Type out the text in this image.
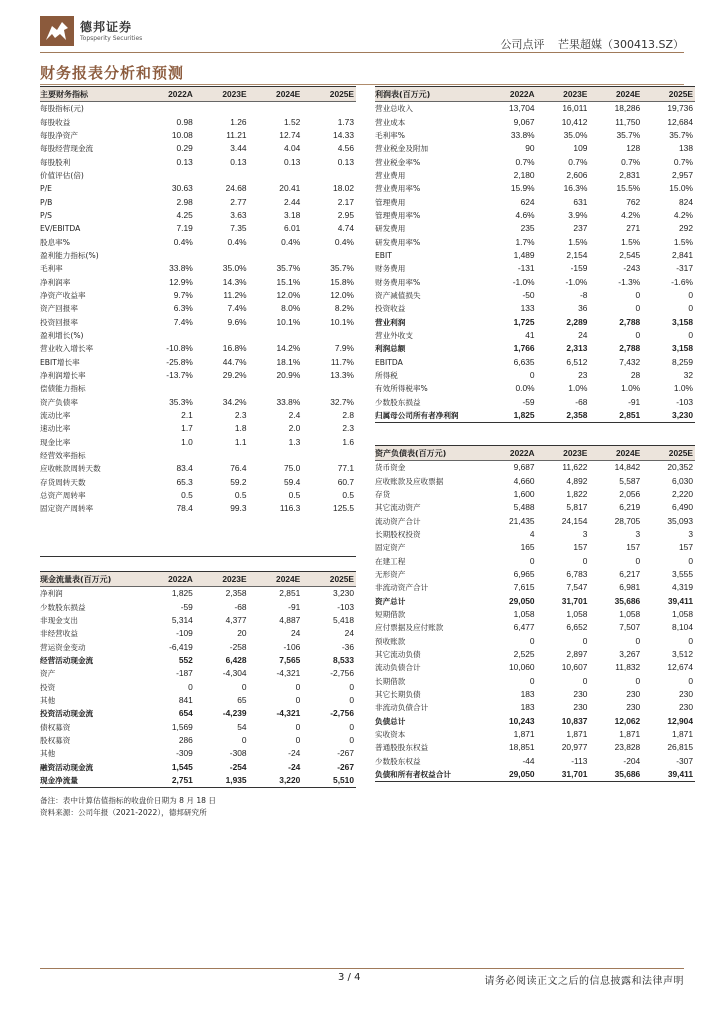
德邦证券
Topsperity Securities	公司点评 芒果超媒（300413.SZ）
财务报表分析和预测
主要财务指标	2022A	2023E	2024E	2025E
每股指标(元)				
每股收益	0.98	1.26	1.52	1.73
每股净资产	10.08	11.21	12.74	14.33
每股经营现金流	0.29	3.44	4.04	4.56
每股股利	0.13	0.13	0.13	0.13
价值评估(倍)				
P/E	30.63	24.68	20.41	18.02
P/B	2.98	2.77	2.44	2.17
P/S	4.25	3.63	3.18	2.95
EV/EBITDA	7.19	7.35	6.01	4.74
股息率%	0.4%	0.4%	0.4%	0.4%
盈利能力指标(%)				
毛利率	33.8%	35.0%	35.7%	35.7%
净利润率	12.9%	14.3%	15.1%	15.8%
净资产收益率	9.7%	11.2%	12.0%	12.0%
资产回报率	6.3%	7.4%	8.0%	8.2%
投资回报率	7.4%	9.6%	10.1%	10.1%
盈利增长(%)				
营业收入增长率	-10.8%	16.8%	14.2%	7.9%
EBIT增长率	-25.8%	44.7%	18.1%	11.7%
净利润增长率	-13.7%	29.2%	20.9%	13.3%
偿债能力指标				
资产负债率	35.3%	34.2%	33.8%	32.7%
流动比率	2.1	2.3	2.4	2.8
速动比率	1.7	1.8	2.0	2.3
现金比率	1.0	1.1	1.3	1.6
经营效率指标				
应收帐款周转天数	83.4	76.4	75.0	77.1
存货周转天数	65.3	59.2	59.4	60.7
总资产周转率	0.5	0.5	0.5	0.5
固定资产周转率	78.4	99.3	116.3	125.5

现金流量表(百万元)	2022A	2023E	2024E	2025E
净利润	1,825	2,358	2,851	3,230
少数股东损益	-59	-68	-91	-103
非现金支出	5,314	4,377	4,887	5,418
非经营收益	-109	20	24	24
营运资金变动	-6,419	-258	-106	-36
经营活动现金流	552	6,428	7,565	8,533
资产	-187	-4,304	-4,321	-2,756
投资	0	0	0	0
其他	841	65	0	0
投资活动现金流	654	-4,239	-4,321	-2,756
债权募资	1,569	54	0	0
股权募资	286	0	0	0
其他	-309	-308	-24	-267
融资活动现金流	1,545	-254	-24	-267
现金净流量	2,751	1,935	3,220	5,510
利润表(百万元)	2022A	2023E	2024E	2025E
营业总收入	13,704	16,011	18,286	19,736
营业成本	9,067	10,412	11,750	12,684
毛利率%	33.8%	35.0%	35.7%	35.7%
营业税金及附加	90	109	128	138
营业税金率%	0.7%	0.7%	0.7%	0.7%
营业费用	2,180	2,606	2,831	2,957
营业费用率%	15.9%	16.3%	15.5%	15.0%
管理费用	624	631	762	824
管理费用率%	4.6%	3.9%	4.2%	4.2%
研发费用	235	237	271	292
研发费用率%	1.7%	1.5%	1.5%	1.5%
EBIT	1,489	2,154	2,545	2,841
财务费用	-131	-159	-243	-317
财务费用率%	-1.0%	-1.0%	-1.3%	-1.6%
资产减值损失	-50	-8	0	0
投资收益	133	36	0	0
营业利润	1,725	2,289	2,788	3,158
营业外收支	41	24	0	0
利润总额	1,766	2,313	2,788	3,158
EBITDA	6,635	6,512	7,432	8,259
所得税	0	23	28	32
有效所得税率%	0.0%	1.0%	1.0%	1.0%
少数股东损益	-59	-68	-91	-103
归属母公司所有者净利润	1,825	2,358	2,851	3,230
资产负债表(百万元)	2022A	2023E	2024E	2025E
货币资金	9,687	11,622	14,842	20,352
应收账款及应收票据	4,660	4,892	5,587	6,030
存货	1,600	1,822	2,056	2,220
其它流动资产	5,488	5,817	6,219	6,490
流动资产合计	21,435	24,154	28,705	35,093
长期股权投资	4	3	3	3
固定资产	165	157	157	157
在建工程	0	0	0	0
无形资产	6,965	6,783	6,217	3,555
非流动资产合计	7,615	7,547	6,981	4,319
资产总计	29,050	31,701	35,686	39,411
短期借款	1,058	1,058	1,058	1,058
应付票据及应付账款	6,477	6,652	7,507	8,104
预收账款	0	0	0	0
其它流动负债	2,525	2,897	3,267	3,512
流动负债合计	10,060	10,607	11,832	12,674
长期借款	0	0	0	0
其它长期负债	183	230	230	230
非流动负债合计	183	230	230	230
负债总计	10,243	10,837	12,062	12,904
实收资本	1,871	1,871	1,871	1,871
普通股股东权益	18,851	20,977	23,828	26,815
少数股东权益	-44	-113	-204	-307
负债和所有者权益合计	29,050	31,701	35,686	39,411
备注：表中计算估值指标的收盘价日期为 8 月 18 日
资料来源：公司年报（2021-2022），德邦研究所
3 / 4	请务必阅读正文之后的信息披露和法律声明
